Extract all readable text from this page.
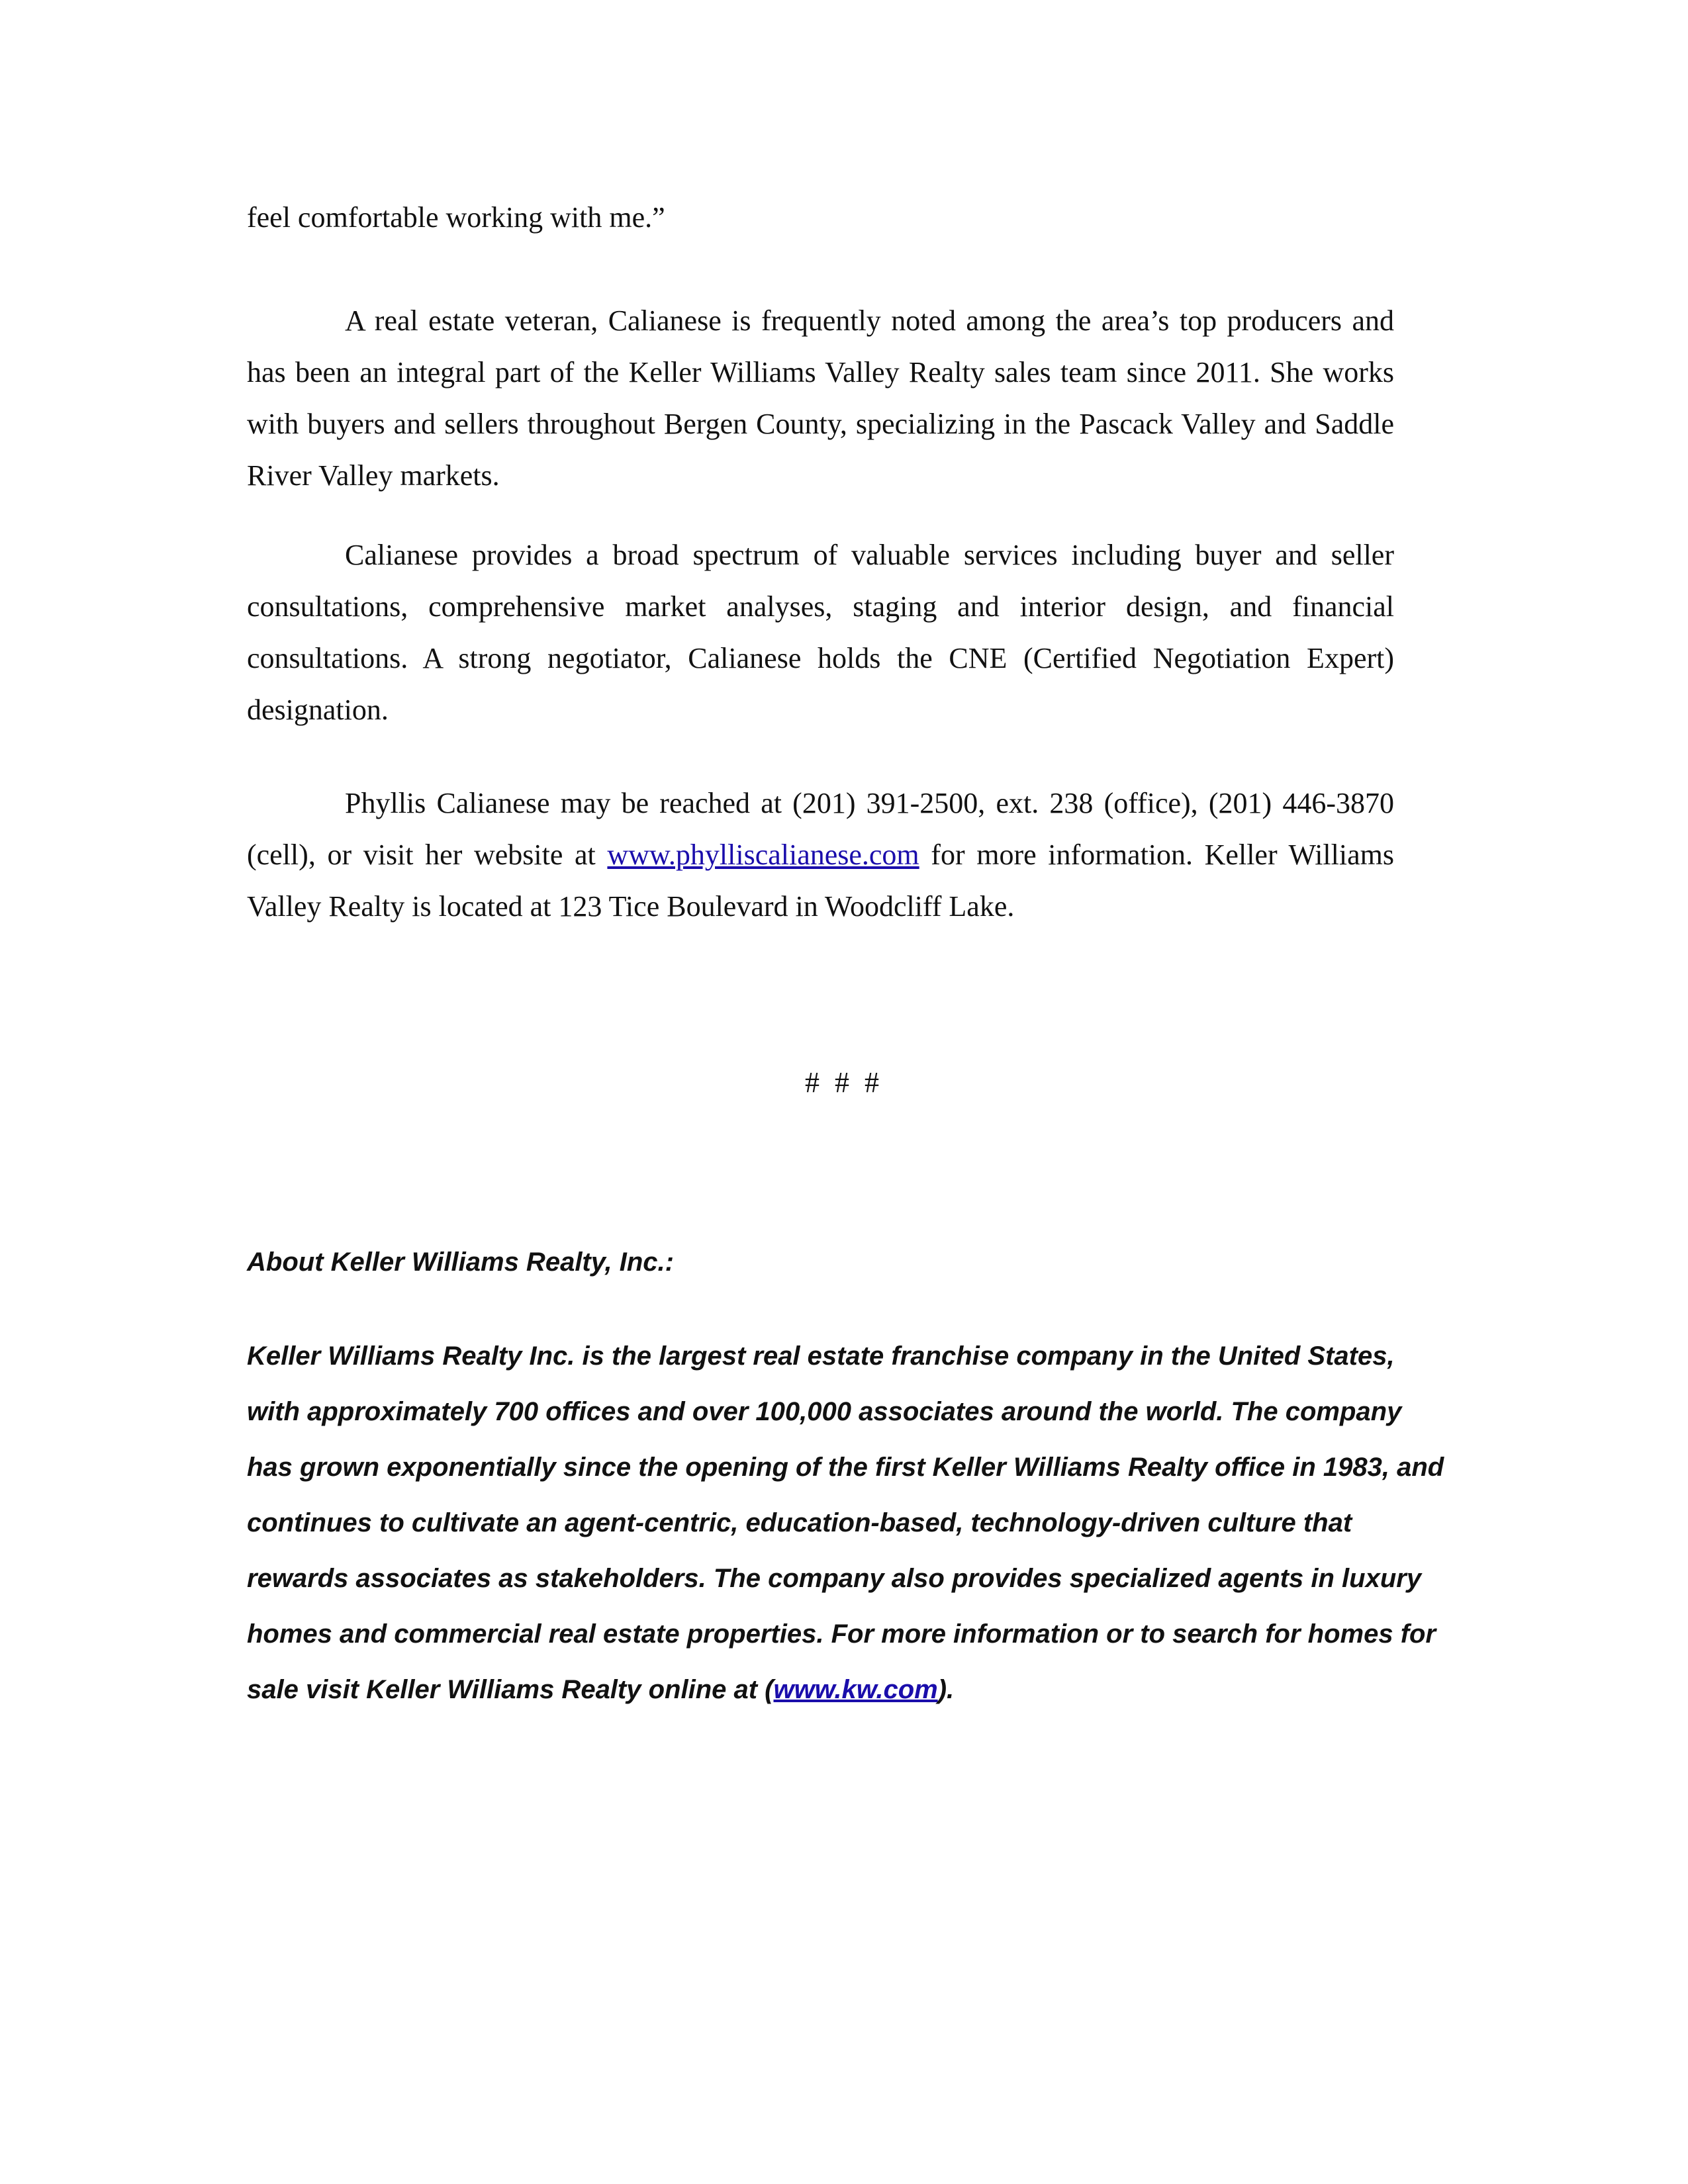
feel comfortable working with me.”

A real estate veteran, Calianese is frequently noted among the area’s top producers and has been an integral part of the Keller Williams Valley Realty sales team since 2011. She works with buyers and sellers throughout Bergen County, specializing in the Pascack Valley and Saddle River Valley markets.

Calianese provides a broad spectrum of valuable services including buyer and seller consultations, comprehensive market analyses, staging and interior design, and financial consultations. A strong negotiator, Calianese holds the CNE (Certified Negotiation Expert) designation.

Phyllis Calianese may be reached at (201) 391-2500, ext. 238 (office), (201) 446-3870 (cell), or visit her website at www.phylliscalianese.com for more information. Keller Williams Valley Realty is located at 123 Tice Boulevard in Woodcliff Lake.

# # #

About Keller Williams Realty, Inc.:

Keller Williams Realty Inc. is the largest real estate franchise company in the United States, with approximately 700 offices and over 100,000 associates around the world. The company has grown exponentially since the opening of the first Keller Williams Realty office in 1983, and continues to cultivate an agent-centric, education-based, technology-driven culture that rewards associates as stakeholders. The company also provides specialized agents in luxury homes and commercial real estate properties. For more information or to search for homes for sale visit Keller Williams Realty online at (www.kw.com).
